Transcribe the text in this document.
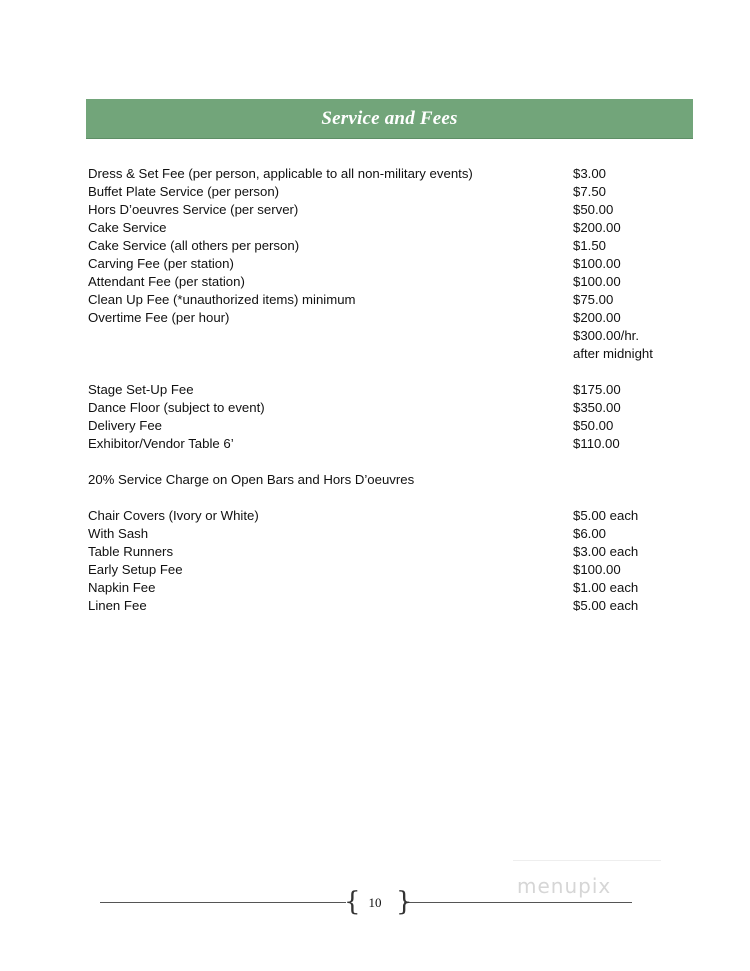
Service and Fees
Dress & Set Fee (per person, applicable to all non-military events)	$3.00
Buffet Plate Service (per person)	$7.50
Hors D’oeuvres Service (per server)	$50.00
Cake Service	$200.00
Cake Service (all others per person)	$1.50
Carving Fee (per station)	$100.00
Attendant Fee (per station)	$100.00
Clean Up Fee (*unauthorized items) minimum	$75.00
Overtime Fee (per hour)	$200.00
$300.00/hr.
after midnight
Stage Set-Up Fee	$175.00
Dance Floor (subject to event)	$350.00
Delivery Fee	$50.00
Exhibitor/Vendor Table 6’	$110.00
20% Service Charge on Open Bars and Hors D’oeuvres
Chair Covers (Ivory or White)	$5.00 each
With Sash	$6.00
Table Runners	$3.00 each
Early Setup Fee	$100.00
Napkin Fee	$1.00 each
Linen Fee	$5.00 each
{ }
10
menupix
